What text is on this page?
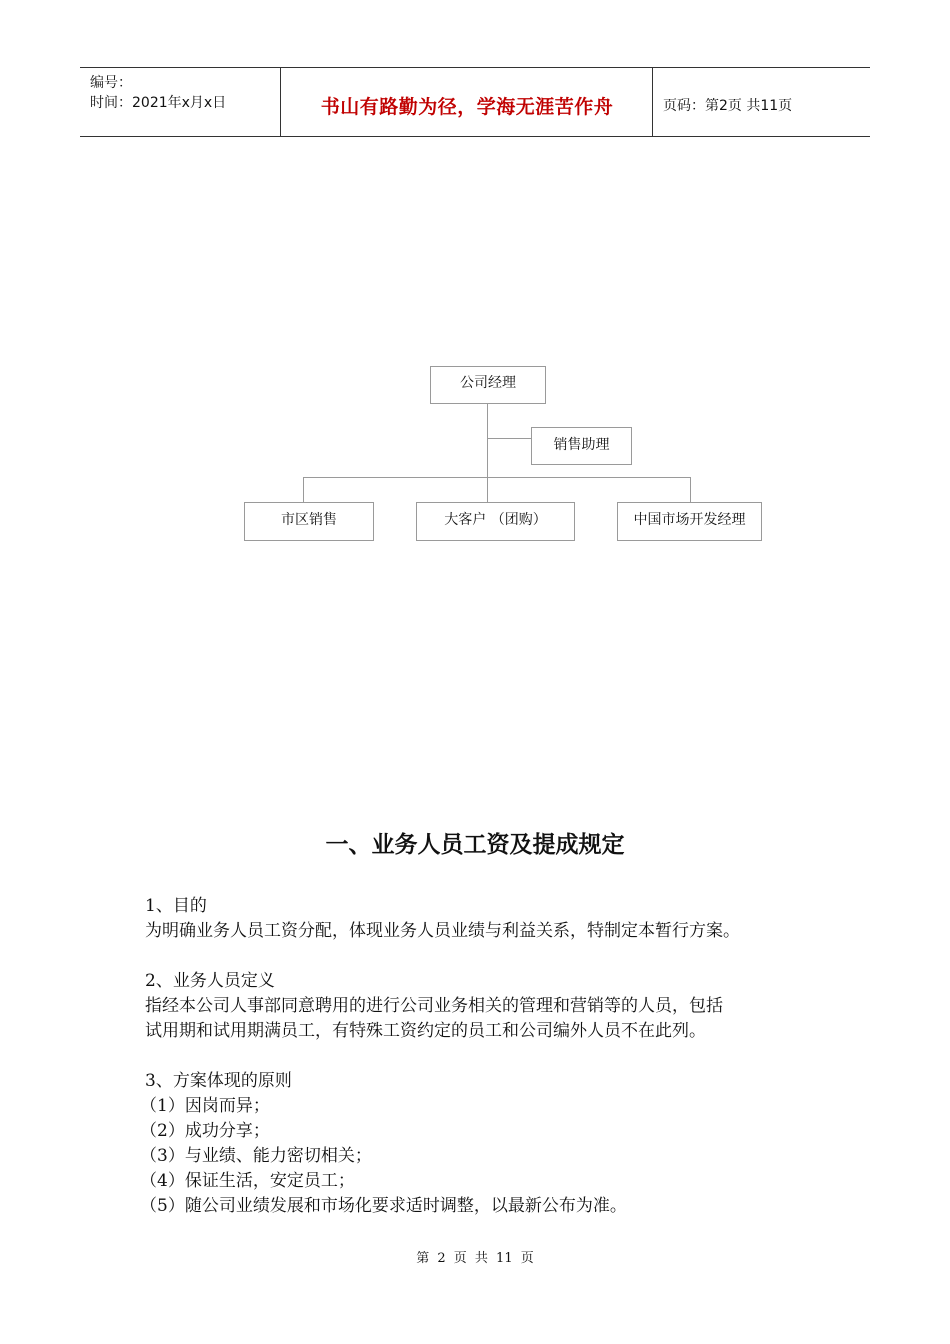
编号：
时间：2021年x月x日	书山有路勤为径，学海无涯苦作舟	页码：第2页 共11页
公司经理
销售助理
市区销售	大客户 （团购）	中国市场开发经理
一、业务人员工资及提成规定
1、目的
为明确业务人员工资分配，体现业务人员业绩与利益关系，特制定本暂行方案。
2、业务人员定义
指经本公司人事部同意聘用的进行公司业务相关的管理和营销等的人员，包括
试用期和试用期满员工，有特殊工资约定的员工和公司编外人员不在此列。
3、方案体现的原则
（1）因岗而异；
（2）成功分享；
（3）与业绩、能力密切相关；
（4）保证生活，安定员工；
（5）随公司业绩发展和市场化要求适时调整，以最新公布为准。
第 2 页 共 11 页
